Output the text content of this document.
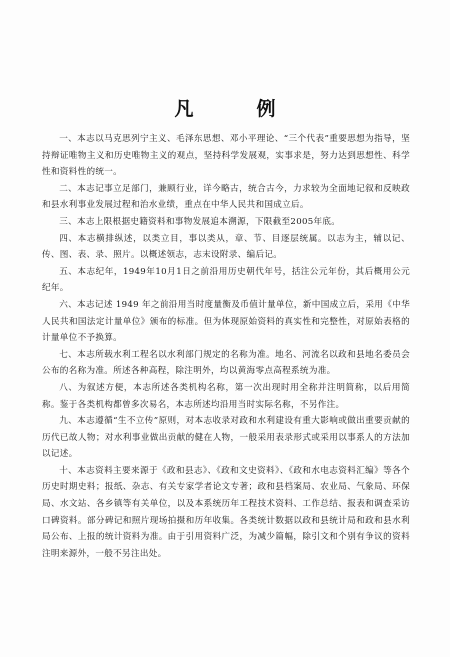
凡　例

一、本志以马克思列宁主义、毛泽东思想、邓小平理论、“三个代表”重要思想为指导，坚持辩证唯物主义和历史唯物主义的观点，坚持科学发展观，实事求是，努力达到思想性、科学性和资料性的统一。

二、本志记事立足部门，兼顾行业，详今略古，统合古今，力求较为全面地记叙和反映政和县水利事业发展过程和治水业绩，重点在中华人民共和国成立后。

三、本志上限根据史籍资料和事物发展追本溯源，下限截至2005年底。

四、本志横排纵述，以类立目，事以类从，章、节、目逐层统属。以志为主，辅以记、传、图、表、录、照片。以概述领志，志末设附录、编后记。

五、本志纪年，1949年10月1日之前沿用历史朝代年号，括注公元年份，其后概用公元纪年。

六、本志记述 1949 年之前沿用当时度量衡及币值计量单位，新中国成立后，采用《中华人民共和国法定计量单位》颁布的标准。但为体现原始资料的真实性和完整性，对原始表格的计量单位不予换算。

七、本志所载水利工程名以水利部门规定的名称为准。地名、河流名以政和县地名委员会公布的名称为准。所述各种高程，除注明外，均以黄海零点高程系统为准。

八、为叙述方便，本志所述各类机构名称，第一次出现时用全称并注明简称，以后用简称。鉴于各类机构都曾多次易名，本志所述均沿用当时实际名称，不另作注。

九、本志遵循“生不立传”原则，对本志收录对政和水利建设有重大影响或做出重要贡献的历代已故人物；对水利事业做出贡献的健在人物，一般采用表录形式或采用以事系人的方法加以记述。

十、本志资料主要来源于《政和县志》、《政和文史资料》、《政和水电志资料汇编》等各个历史时期史料；报纸、杂志、有关专家学者论文专著；政和县档案局、农业局、气象局、环保局、水文站、各乡镇等有关单位，以及本系统历年工程技术资料、工作总结、报表和调查采访口碑资料。部分碑记和照片现场拍摄和历年收集。各类统计数据以政和县统计局和政和县水利局公布、上报的统计资料为准。由于引用资料广泛，为减少篇幅，除引文和个别有争议的资料注明来源外，一般不另注出处。
